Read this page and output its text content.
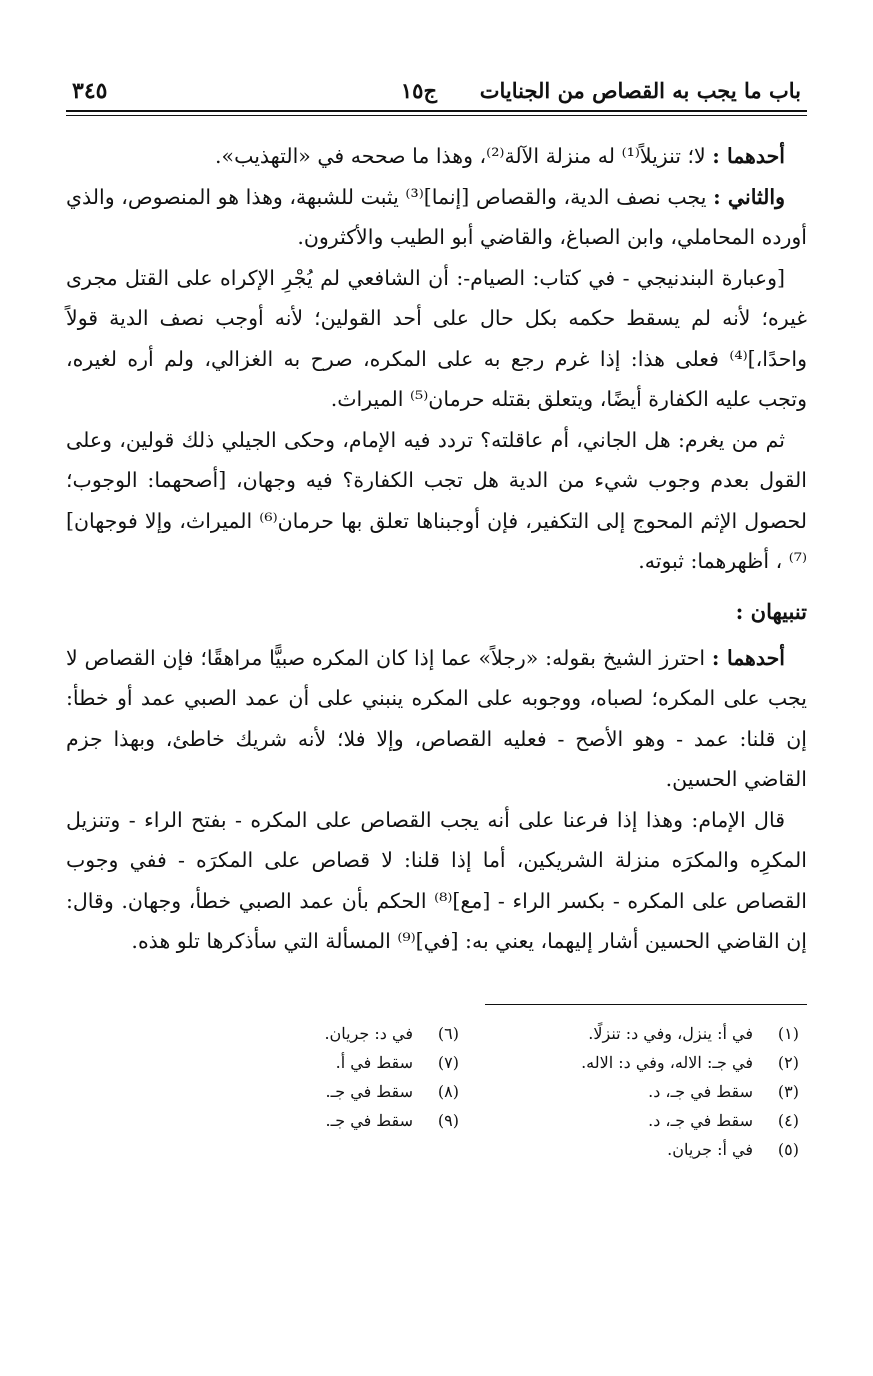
باب ما يجب به القصاص من الجنايات ج١٥
٣٤٥

أحدهما : لا؛ تنزيلاً⁽¹⁾ له منزلة الآلة⁽²⁾، وهذا ما صححه في «التهذيب».

والثاني : يجب نصف الدية، والقصاص [إنما]⁽³⁾ يثبت للشبهة، وهذا هو المنصوص، والذي أورده المحاملي، وابن الصباغ، والقاضي أبو الطيب والأكثرون.

[وعبارة البندنيجي - في كتاب: الصيام-: أن الشافعي لم يُجْرِ الإكراه على القتل مجرى غيره؛ لأنه لم يسقط حكمه بكل حال على أحد القولين؛ لأنه أوجب نصف الدية قولاً واحدًا،]⁽⁴⁾ فعلى هذا: إذا غرم رجع به على المكره، صرح به الغزالي، ولم أره لغيره، وتجب عليه الكفارة أيضًا، ويتعلق بقتله حرمان⁽⁵⁾ الميراث.

ثم من يغرم: هل الجاني، أم عاقلته؟ تردد فيه الإمام، وحكى الجيلي ذلك قولين، وعلى القول بعدم وجوب شيء من الدية هل تجب الكفارة؟ فيه وجهان، [أصحهما: الوجوب؛ لحصول الإثم المحوج إلى التكفير، فإن أوجبناها تعلق بها حرمان⁽⁶⁾ الميراث، وإلا فوجهان]⁽⁷⁾ ، أظهرهما: ثبوته.

تنبيهان :

أحدهما : احترز الشيخ بقوله: «رجلاً» عما إذا كان المكره صبيًّا مراهقًا؛ فإن القصاص لا يجب على المكره؛ لصباه، ووجوبه على المكره ينبني على أن عمد الصبي عمد أو خطأ: إن قلنا: عمد - وهو الأصح - فعليه القصاص، وإلا فلا؛ لأنه شريك خاطئ، وبهذا جزم القاضي الحسين.

قال الإمام: وهذا إذا فرعنا على أنه يجب القصاص على المكره - بفتح الراء - وتنزيل المكرِه والمكرَه منزلة الشريكين، أما إذا قلنا: لا قصاص على المكرَه - ففي وجوب القصاص على المكره - بكسر الراء - [مع]⁽⁸⁾ الحكم بأن عمد الصبي خطأ، وجهان. وقال: إن القاضي الحسين أشار إليهما، يعني به: [في]⁽⁹⁾ المسألة التي سأذكرها تلو هذه.

(١)
في أ: ينزل، وفي د: تنزلًا.
(٢)
في جـ: الاله، وفي د: الاله.
(٣)
سقط في جـ، د.
(٤)
سقط في جـ، د.
(٥)
في أ: جريان.
(٦)
في د: جريان.
(٧)
سقط في أ.
(٨)
سقط في جـ.
(٩)
سقط في جـ.
